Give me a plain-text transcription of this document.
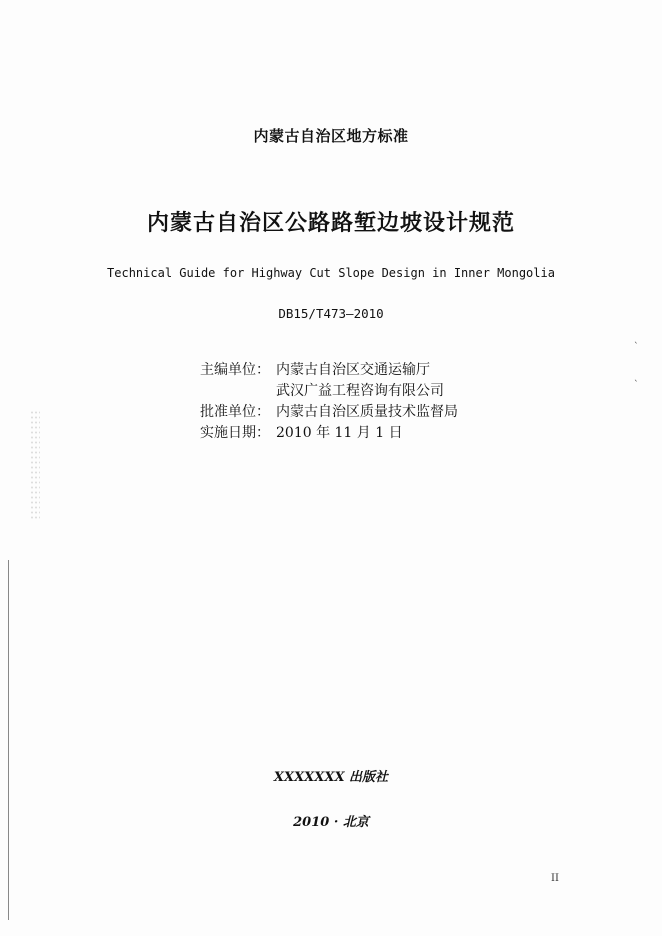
ˋ
ˋ
内蒙古自治区地方标准
内蒙古自治区公路路堑边坡设计规范
Technical Guide for Highway Cut Slope Design in Inner Mongolia
DB15/T473—2010
主编单位： 内蒙古自治区交通运输厅
武汉广益工程咨询有限公司
批准单位： 内蒙古自治区质量技术监督局
实施日期： 2010 年 11 月 1 日
XXXXXXX 出版社
2010 · 北京
II
